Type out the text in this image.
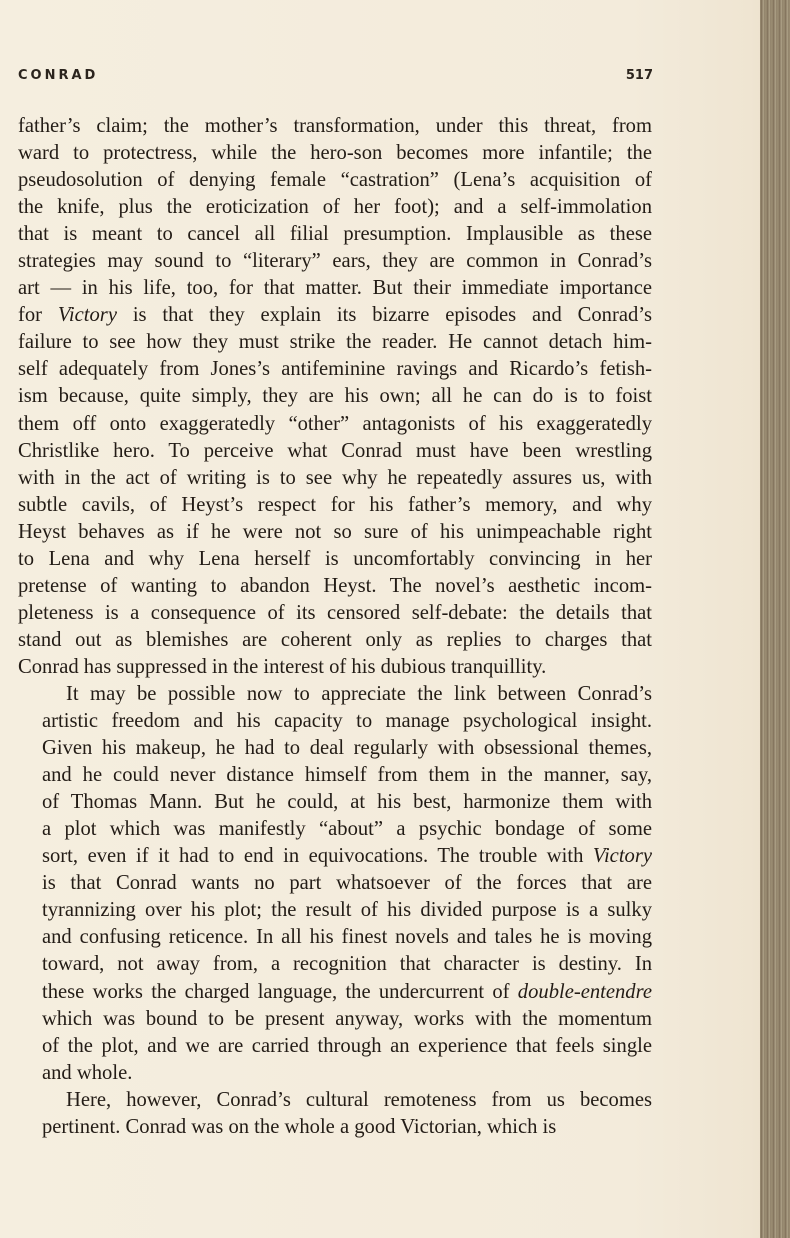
CONRAD	517

father’s claim; the mother’s transformation, under this threat, from
ward to protectress, while the hero-son becomes more infantile; the
pseudosolution of denying female “castration” (Lena’s acquisition of
the knife, plus the eroticization of her foot); and a self-immolation
that is meant to cancel all filial presumption. Implausible as these
strategies may sound to “literary” ears, they are common in Conrad’s
art — in his life, too, for that matter. But their immediate importance
for Victory is that they explain its bizarre episodes and Conrad’s
failure to see how they must strike the reader. He cannot detach him-
self adequately from Jones’s antifeminine ravings and Ricardo’s fetish-
ism because, quite simply, they are his own; all he can do is to foist
them off onto exaggeratedly “other” antagonists of his exaggeratedly
Christlike hero. To perceive what Conrad must have been wrestling
with in the act of writing is to see why he repeatedly assures us, with
subtle cavils, of Heyst’s respect for his father’s memory, and why
Heyst behaves as if he were not so sure of his unimpeachable right
to Lena and why Lena herself is uncomfortably convincing in her
pretense of wanting to abandon Heyst. The novel’s aesthetic incom-
pleteness is a consequence of its censored self-debate: the details that
stand out as blemishes are coherent only as replies to charges that
Conrad has suppressed in the interest of his dubious tranquillity.

It may be possible now to appreciate the link between Conrad’s
artistic freedom and his capacity to manage psychological insight.
Given his makeup, he had to deal regularly with obsessional themes,
and he could never distance himself from them in the manner, say,
of Thomas Mann. But he could, at his best, harmonize them with
a plot which was manifestly “about” a psychic bondage of some
sort, even if it had to end in equivocations. The trouble with Victory
is that Conrad wants no part whatsoever of the forces that are
tyrannizing over his plot; the result of his divided purpose is a sulky
and confusing reticence. In all his finest novels and tales he is moving
toward, not away from, a recognition that character is destiny. In
these works the charged language, the undercurrent of double-entendre
which was bound to be present anyway, works with the momentum
of the plot, and we are carried through an experience that feels single
and whole.

Here, however, Conrad’s cultural remoteness from us becomes
pertinent. Conrad was on the whole a good Victorian, which is
